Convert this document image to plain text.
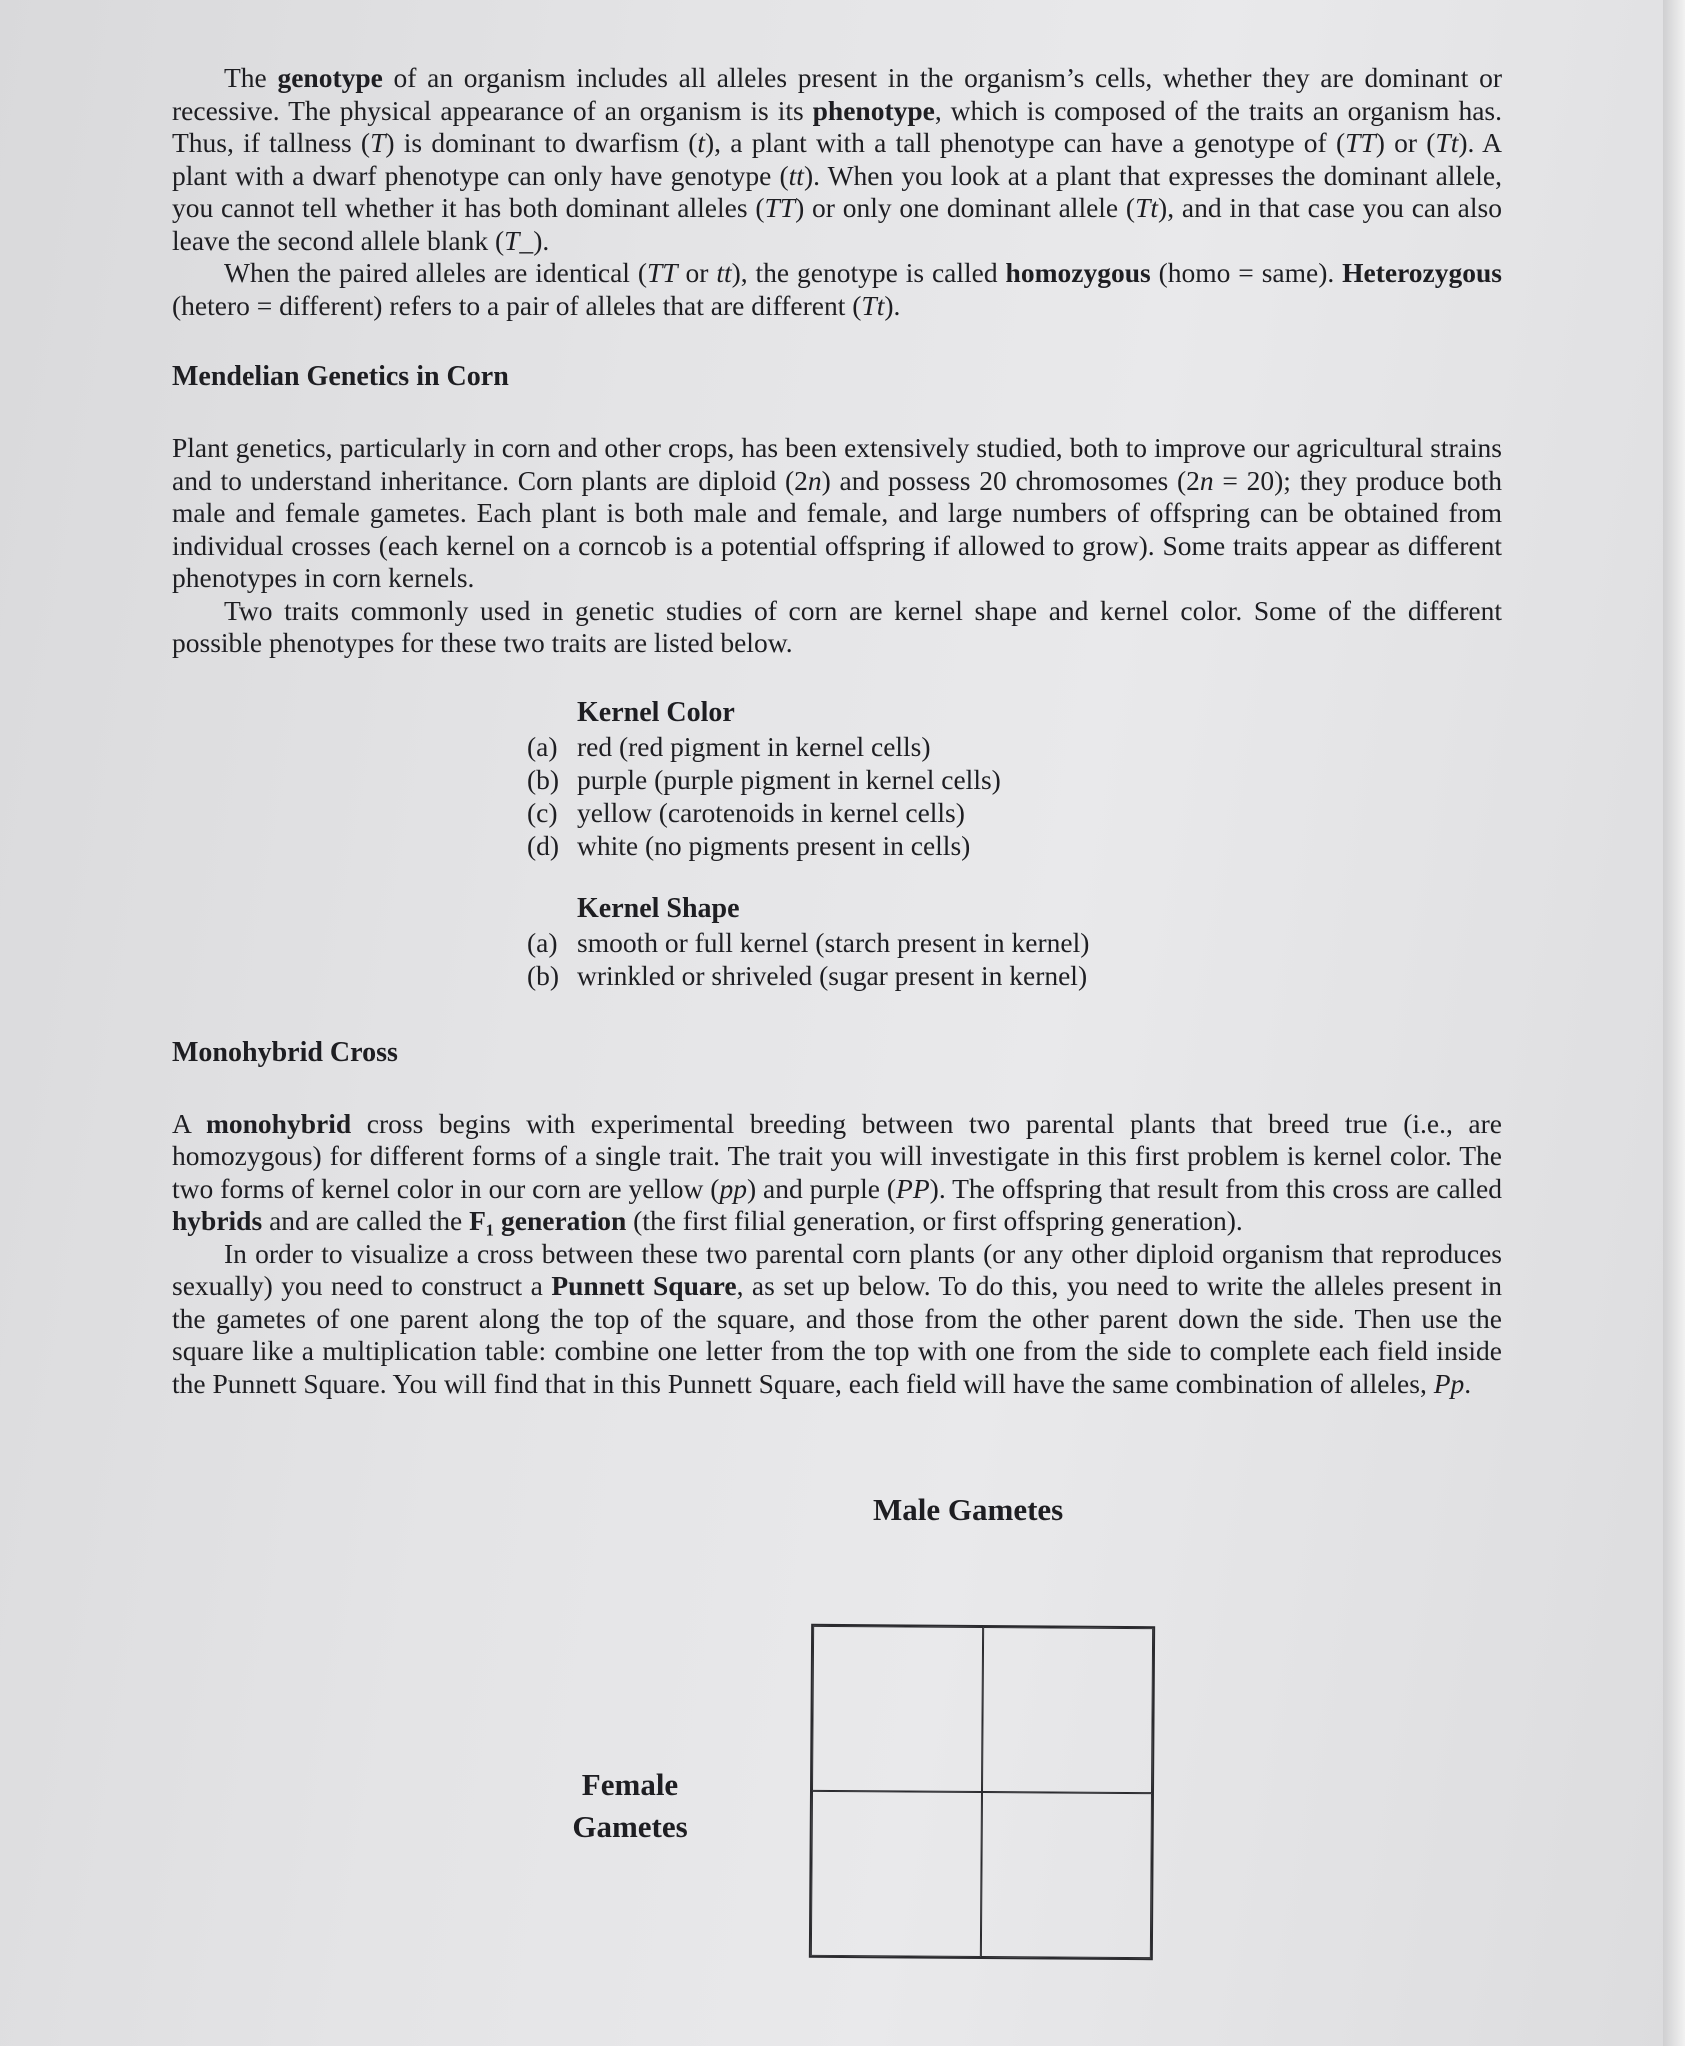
The genotype of an organism includes all alleles present in the organism’s cells, whether they are dominant or recessive. The physical appearance of an organism is its phenotype, which is composed of the traits an organism has. Thus, if tallness (T) is dominant to dwarfism (t), a plant with a tall phenotype can have a genotype of (TT) or (Tt). A plant with a dwarf phenotype can only have genotype (tt). When you look at a plant that expresses the dominant allele, you cannot tell whether it has both dominant alleles (TT) or only one dominant allele (Tt), and in that case you can also leave the second allele blank (T_).

When the paired alleles are identical (TT or tt), the genotype is called homozygous (homo = same). Heterozygous (hetero = different) refers to a pair of alleles that are different (Tt).

Mendelian Genetics in Corn

Plant genetics, particularly in corn and other crops, has been extensively studied, both to improve our agricultural strains and to understand inheritance. Corn plants are diploid (2n) and possess 20 chromosomes (2n = 20); they produce both male and female gametes. Each plant is both male and female, and large numbers of offspring can be obtained from individual crosses (each kernel on a corncob is a potential offspring if allowed to grow). Some traits appear as different phenotypes in corn kernels.

Two traits commonly used in genetic studies of corn are kernel shape and kernel color. Some of the different possible phenotypes for these two traits are listed below.

Kernel Color
(a) red (red pigment in kernel cells)
(b) purple (purple pigment in kernel cells)
(c) yellow (carotenoids in kernel cells)
(d) white (no pigments present in cells)
Kernel Shape
(a) smooth or full kernel (starch present in kernel)
(b) wrinkled or shriveled (sugar present in kernel)
Monohybrid Cross

A monohybrid cross begins with experimental breeding between two parental plants that breed true (i.e., are homozygous) for different forms of a single trait. The trait you will investigate in this first problem is kernel color. The two forms of kernel color in our corn are yellow (pp) and purple (PP). The offspring that result from this cross are called hybrids and are called the F₁ generation (the first filial generation, or first offspring generation).

In order to visualize a cross between these two parental corn plants (or any other diploid organism that reproduces sexually) you need to construct a Punnett Square, as set up below. To do this, you need to write the alleles present in the gametes of one parent along the top of the square, and those from the other parent down the side. Then use the square like a multiplication table: combine one letter from the top with one from the side to complete each field inside the Punnett Square. You will find that in this Punnett Square, each field will have the same combination of alleles, Pp.

Male Gametes
Female
Gametes
